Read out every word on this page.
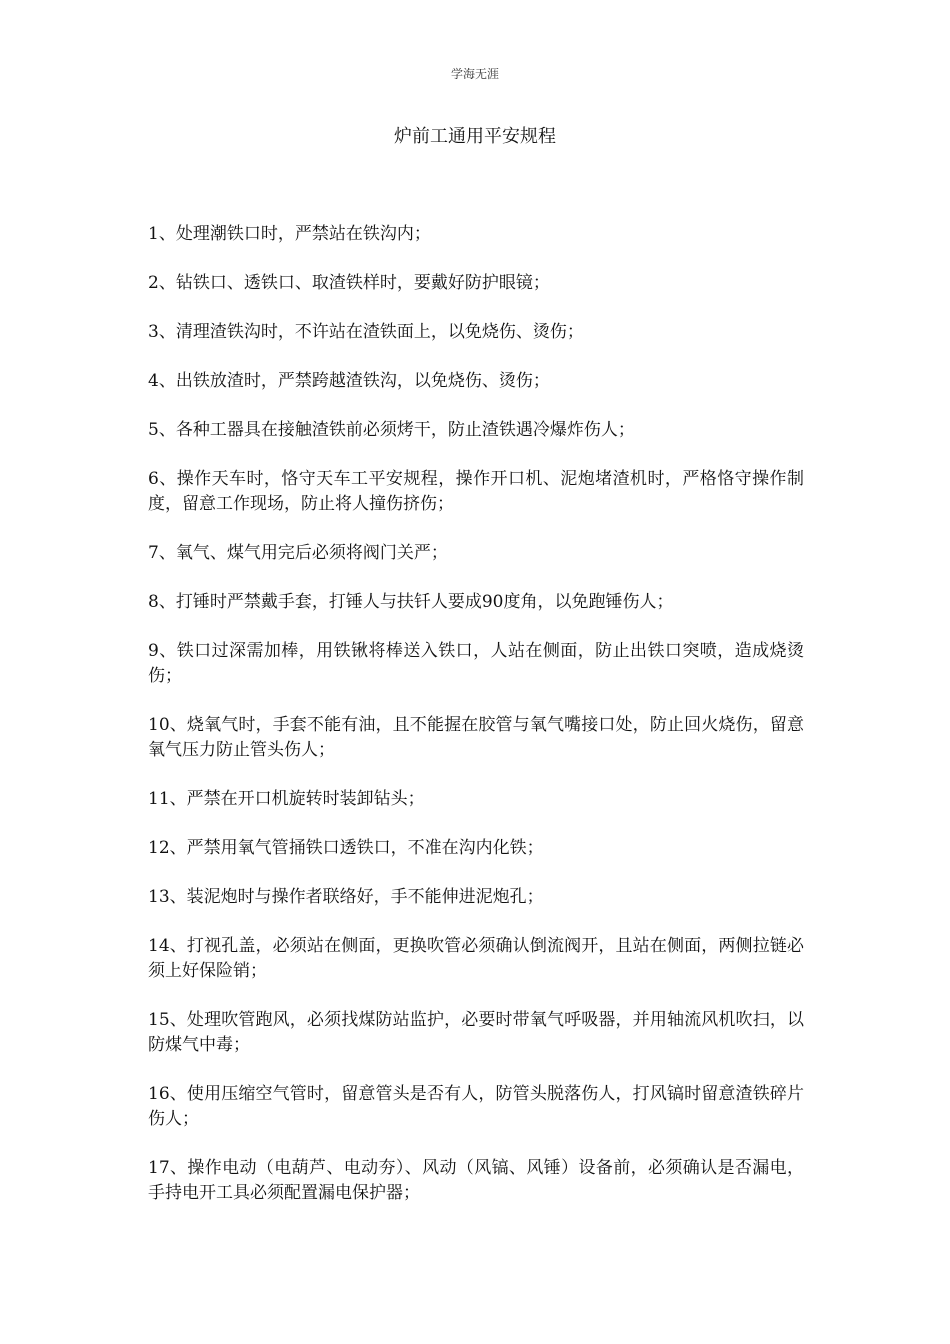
学海无涯
炉前工通用平安规程
1、处理潮铁口时，严禁站在铁沟内；
2、钻铁口、透铁口、取渣铁样时，要戴好防护眼镜；
3、清理渣铁沟时，不许站在渣铁面上，以免烧伤、烫伤；
4、出铁放渣时，严禁跨越渣铁沟，以免烧伤、烫伤；
5、各种工器具在接触渣铁前必须烤干，防止渣铁遇冷爆炸伤人；
6、操作天车时，恪守天车工平安规程，操作开口机、泥炮堵渣机时，严格恪守操作制度，留意工作现场，防止将人撞伤挤伤；
7、氧气、煤气用完后必须将阀门关严；
8、打锤时严禁戴手套，打锤人与扶钎人要成90度角，以免跑锤伤人；
9、铁口过深需加棒，用铁锹将棒送入铁口，人站在侧面，防止出铁口突喷，造成烧烫伤；
10、烧氧气时，手套不能有油，且不能握在胶管与氧气嘴接口处，防止回火烧伤，留意氧气压力防止管头伤人；
11、严禁在开口机旋转时装卸钻头；
12、严禁用氧气管捅铁口透铁口，不准在沟内化铁；
13、装泥炮时与操作者联络好，手不能伸进泥炮孔；
14、打视孔盖，必须站在侧面，更换吹管必须确认倒流阀开，且站在侧面，两侧拉链必须上好保险销；
15、处理吹管跑风，必须找煤防站监护，必要时带氧气呼吸器，并用轴流风机吹扫，以防煤气中毒；
16、使用压缩空气管时，留意管头是否有人，防管头脱落伤人，打风镐时留意渣铁碎片伤人；
17、操作电动（电葫芦、电动夯）、风动（风镐、风锤）设备前，必须确认是否漏电，手持电开工具必须配置漏电保护器；
